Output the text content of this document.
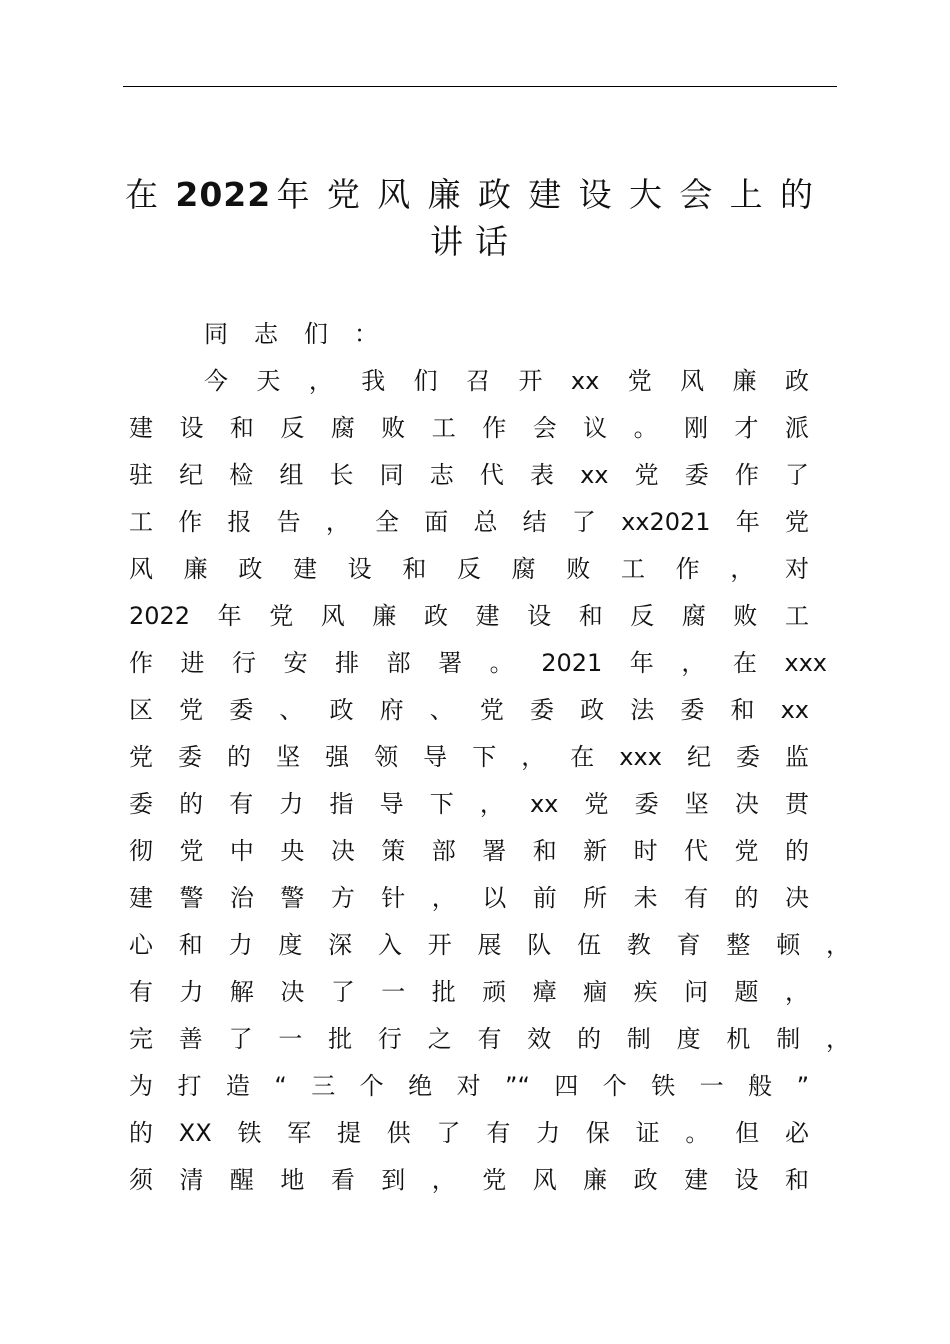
在2022年党风廉政建设大会上的
讲话
同志们：
今天，我们召开xx党风廉政
建设和反腐败工作会议。刚才派
驻纪检组长同志代表xx党委作了
工作报告，全面总结了xx2021年党
风廉政建设和反腐败工作，对
2022年党风廉政建设和反腐败工
作进行安排部署。2021年，在xxx
区党委、政府、党委政法委和xx
党委的坚强领导下，在xxx纪委监
委的有力指导下，xx党委坚决贯
彻党中央决策部署和新时代党的
建警治警方针，以前所未有的决
心和力度深入开展队伍教育整顿，
有力解决了一批顽瘴痼疾问题，
完善了一批行之有效的制度机制，
为打造“三个绝对”“四个铁一般”
的XX铁军提供了有力保证。但必
须清醒地看到，党风廉政建设和
